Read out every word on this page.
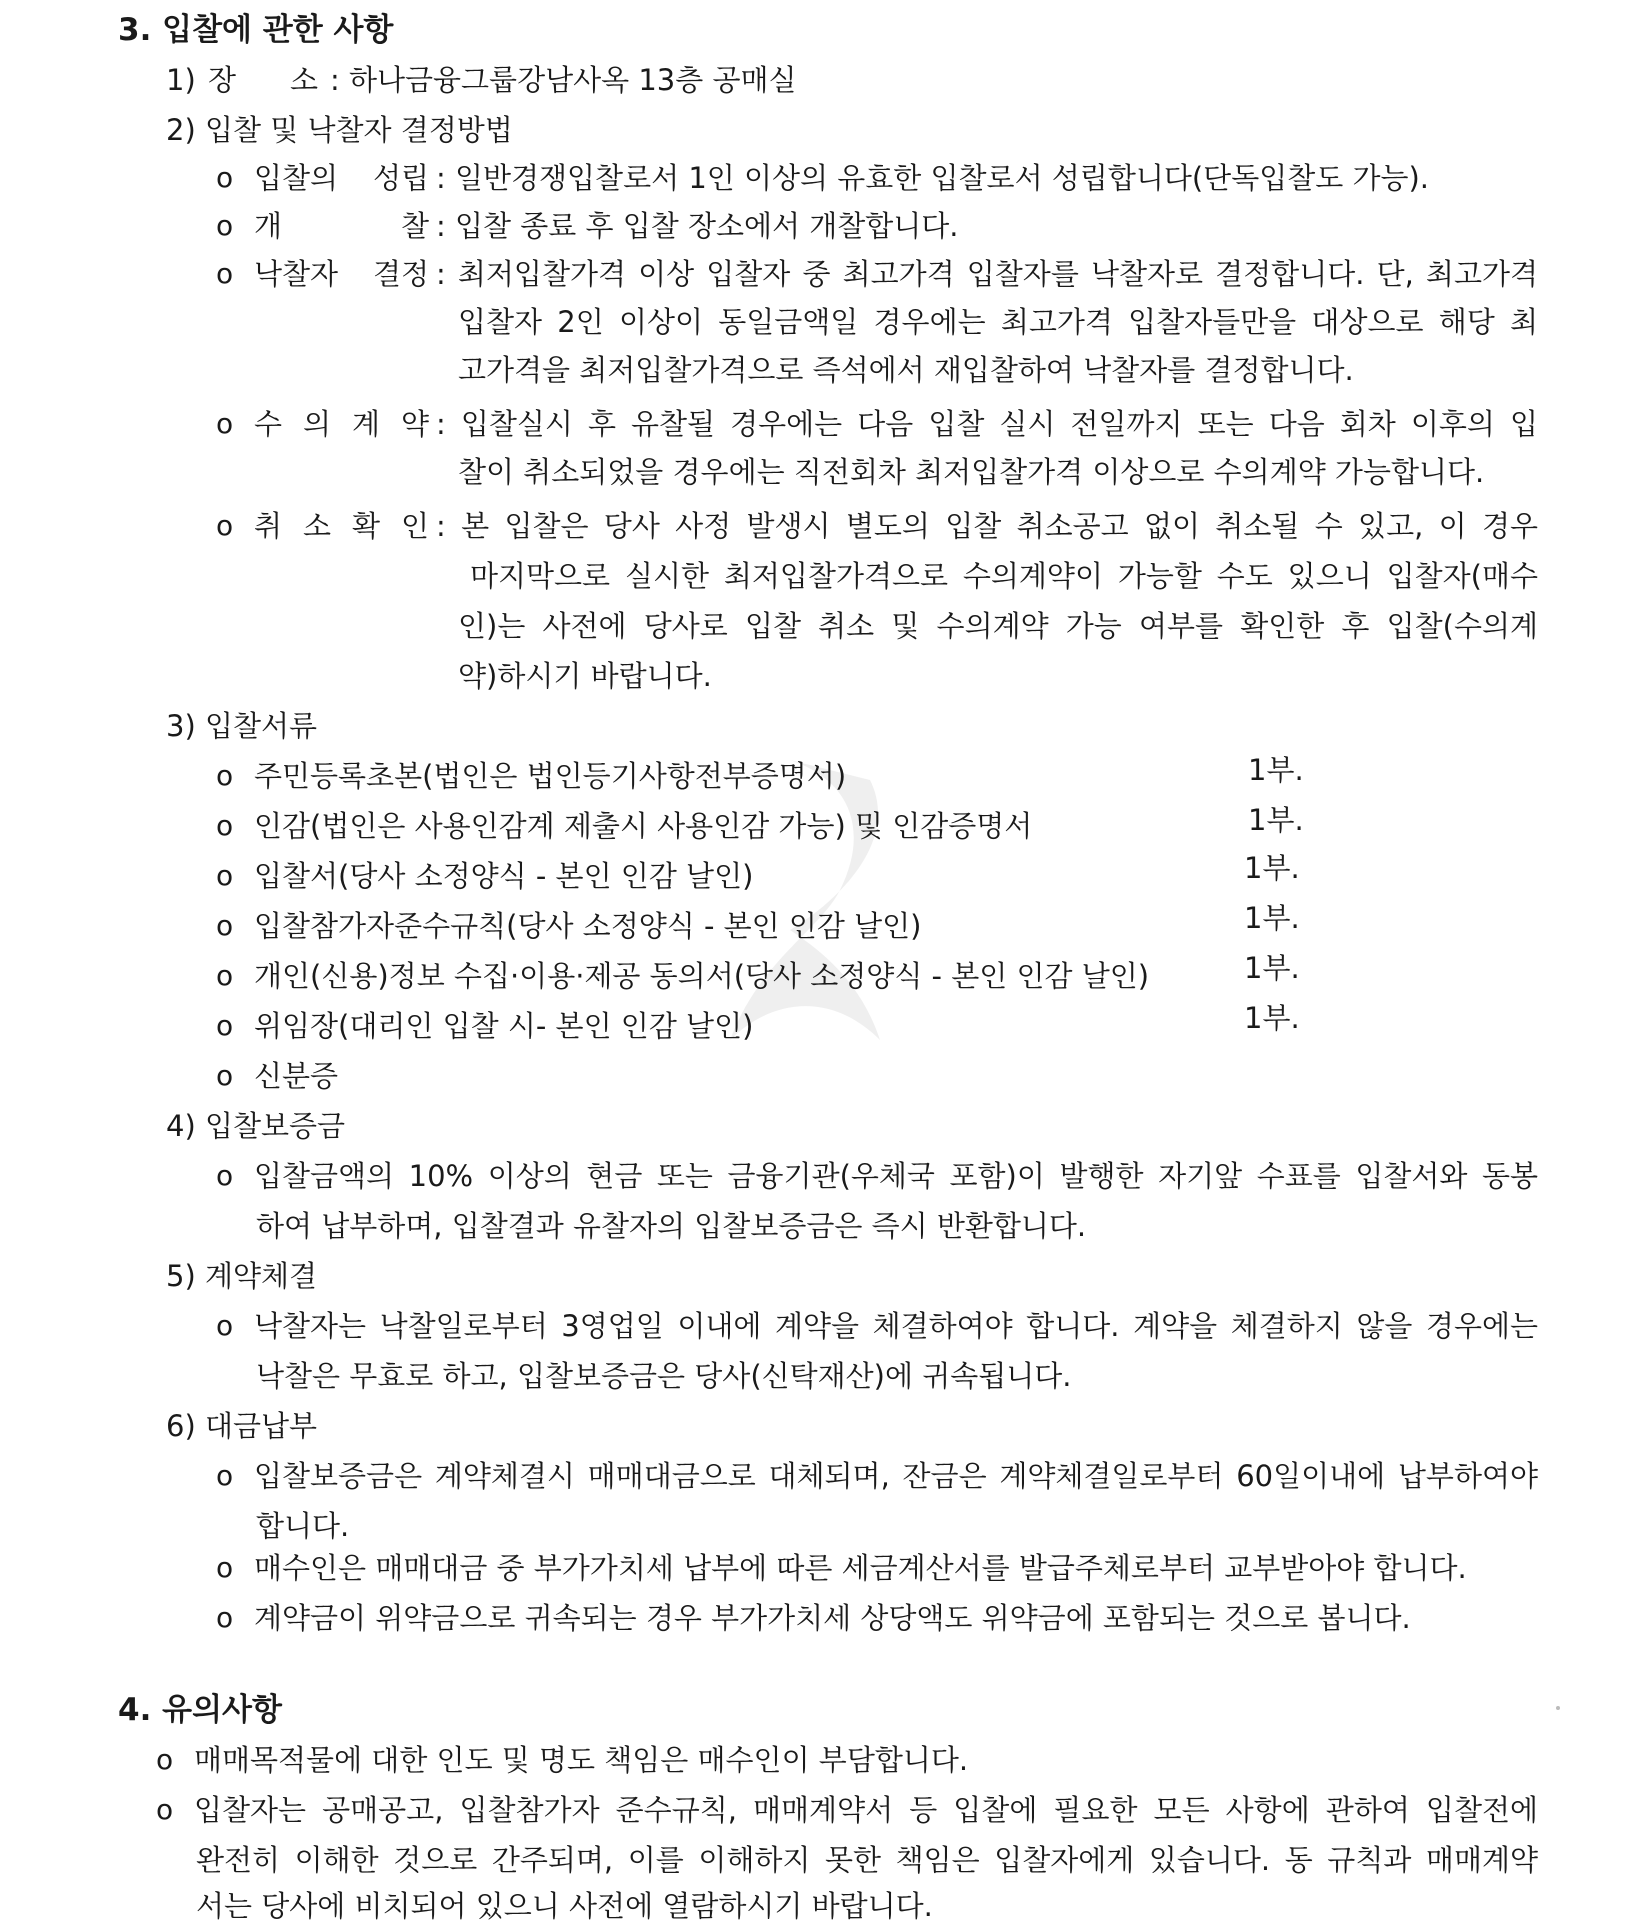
3. 입찰에 관한 사항
1) 장 소 : 하나금융그룹강남사옥 13층 공매실
2) 입찰 및 낙찰자 결정방법
o 입찰의 성립 : 일반경쟁입찰로서 1인 이상의 유효한 입찰로서 성립합니다(단독입찰도 가능).
o 개 찰 : 입찰 종료 후 입찰 장소에서 개찰합니다.
o 낙찰자 결정 : 최저입찰가격 이상 입찰자 중 최고가격 입찰자를 낙찰자로 결정합니다. 단, 최고가격
입찰자 2인 이상이 동일금액일 경우에는 최고가격 입찰자들만을 대상으로 해당 최
고가격을 최저입찰가격으로 즉석에서 재입찰하여 낙찰자를 결정합니다.
o 수 의 계 약 : 입찰실시 후 유찰될 경우에는 다음 입찰 실시 전일까지 또는 다음 회차 이후의 입
찰이 취소되었을 경우에는 직전회차 최저입찰가격 이상으로 수의계약 가능합니다.
o 취 소 확 인 : 본 입찰은 당사 사정 발생시 별도의 입찰 취소공고 없이 취소될 수 있고, 이 경우
마지막으로 실시한 최저입찰가격으로 수의계약이 가능할 수도 있으니 입찰자(매수
인)는 사전에 당사로 입찰 취소 및 수의계약 가능 여부를 확인한 후 입찰(수의계
약)하시기 바랍니다.
3) 입찰서류
o 주민등록초본(법인은 법인등기사항전부증명서)	1부.
o 인감(법인은 사용인감계 제출시 사용인감 가능) 및 인감증명서	1부.
o 입찰서(당사 소정양식 - 본인 인감 날인)	1부.
o 입찰참가자준수규칙(당사 소정양식 - 본인 인감 날인)	1부.
o 개인(신용)정보 수집·이용·제공 동의서(당사 소정양식 - 본인 인감 날인)	1부.
o 위임장(대리인 입찰 시- 본인 인감 날인)	1부.
o 신분증
4) 입찰보증금
o 입찰금액의 10% 이상의 현금 또는 금융기관(우체국 포함)이 발행한 자기앞 수표를 입찰서와 동봉
하여 납부하며, 입찰결과 유찰자의 입찰보증금은 즉시 반환합니다.
5) 계약체결
o 낙찰자는 낙찰일로부터 3영업일 이내에 계약을 체결하여야 합니다. 계약을 체결하지 않을 경우에는
낙찰은 무효로 하고, 입찰보증금은 당사(신탁재산)에 귀속됩니다.
6) 대금납부
o 입찰보증금은 계약체결시 매매대금으로 대체되며, 잔금은 계약체결일로부터 60일이내에 납부하여야
합니다.
o 매수인은 매매대금 중 부가가치세 납부에 따른 세금계산서를 발급주체로부터 교부받아야 합니다.
o 계약금이 위약금으로 귀속되는 경우 부가가치세 상당액도 위약금에 포함되는 것으로 봅니다.
4. 유의사항
o 매매목적물에 대한 인도 및 명도 책임은 매수인이 부담합니다.
o 입찰자는 공매공고, 입찰참가자 준수규칙, 매매계약서 등 입찰에 필요한 모든 사항에 관하여 입찰전에
완전히 이해한 것으로 간주되며, 이를 이해하지 못한 책임은 입찰자에게 있습니다. 동 규칙과 매매계약
서는 당사에 비치되어 있으니 사전에 열람하시기 바랍니다.
